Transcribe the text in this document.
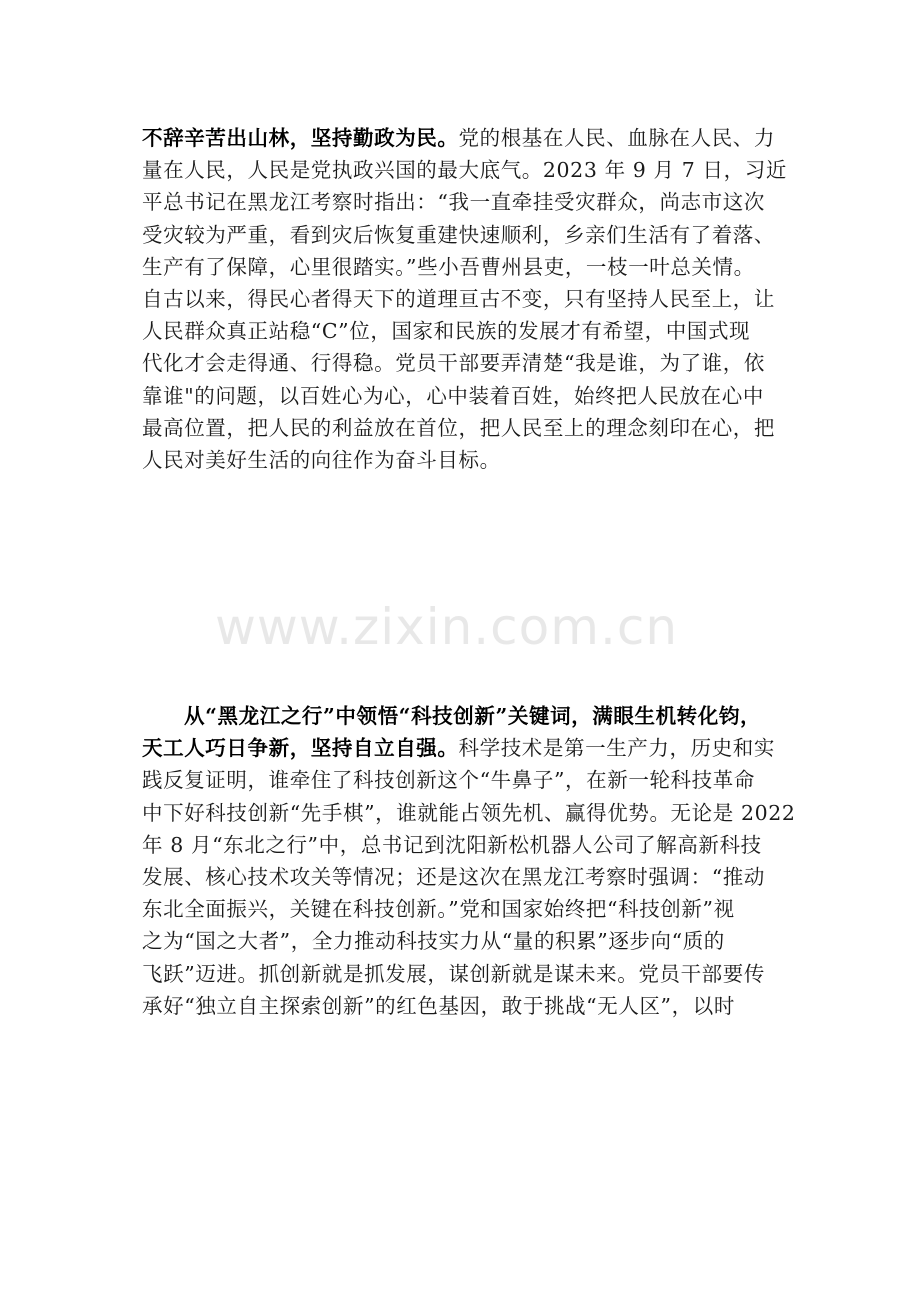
不辞辛苦出山林，坚持勤政为民。党的根基在人民、血脉在人民、力
量在人民，人民是党执政兴国的最大底气。2023 年 9 月 7 日，习近
平总书记在黑龙江考察时指出：“我一直牵挂受灾群众，尚志市这次
受灾较为严重，看到灾后恢复重建快速顺利，乡亲们生活有了着落、
生产有了保障，心里很踏实。”些小吾曹州县吏，一枝一叶总关情。
自古以来，得民心者得天下的道理亘古不变，只有坚持人民至上，让
人民群众真正站稳“C”位，国家和民族的发展才有希望，中国式现
代化才会走得通、行得稳。党员干部要弄清楚“我是谁，为了谁，依
靠谁"的问题，以百姓心为心，心中装着百姓，始终把人民放在心中
最高位置，把人民的利益放在首位，把人民至上的理念刻印在心，把
人民对美好生活的向往作为奋斗目标。
www.zixin.com.cn
从“黑龙江之行”中领悟“科技创新”关键词，满眼生机转化钧，
天工人巧日争新，坚持自立自强。科学技术是第一生产力，历史和实
践反复证明，谁牵住了科技创新这个“牛鼻子”，在新一轮科技革命
中下好科技创新“先手棋”，谁就能占领先机、赢得优势。无论是 2022
年 8 月“东北之行”中，总书记到沈阳新松机器人公司了解高新科技
发展、核心技术攻关等情况；还是这次在黑龙江考察时强调：“推动
东北全面振兴，关键在科技创新。”党和国家始终把“科技创新”视
之为“国之大者”，全力推动科技实力从“量的积累”逐步向“质的
飞跃”迈进。抓创新就是抓发展，谋创新就是谋未来。党员干部要传
承好“独立自主探索创新”的红色基因，敢于挑战“无人区”，以时
